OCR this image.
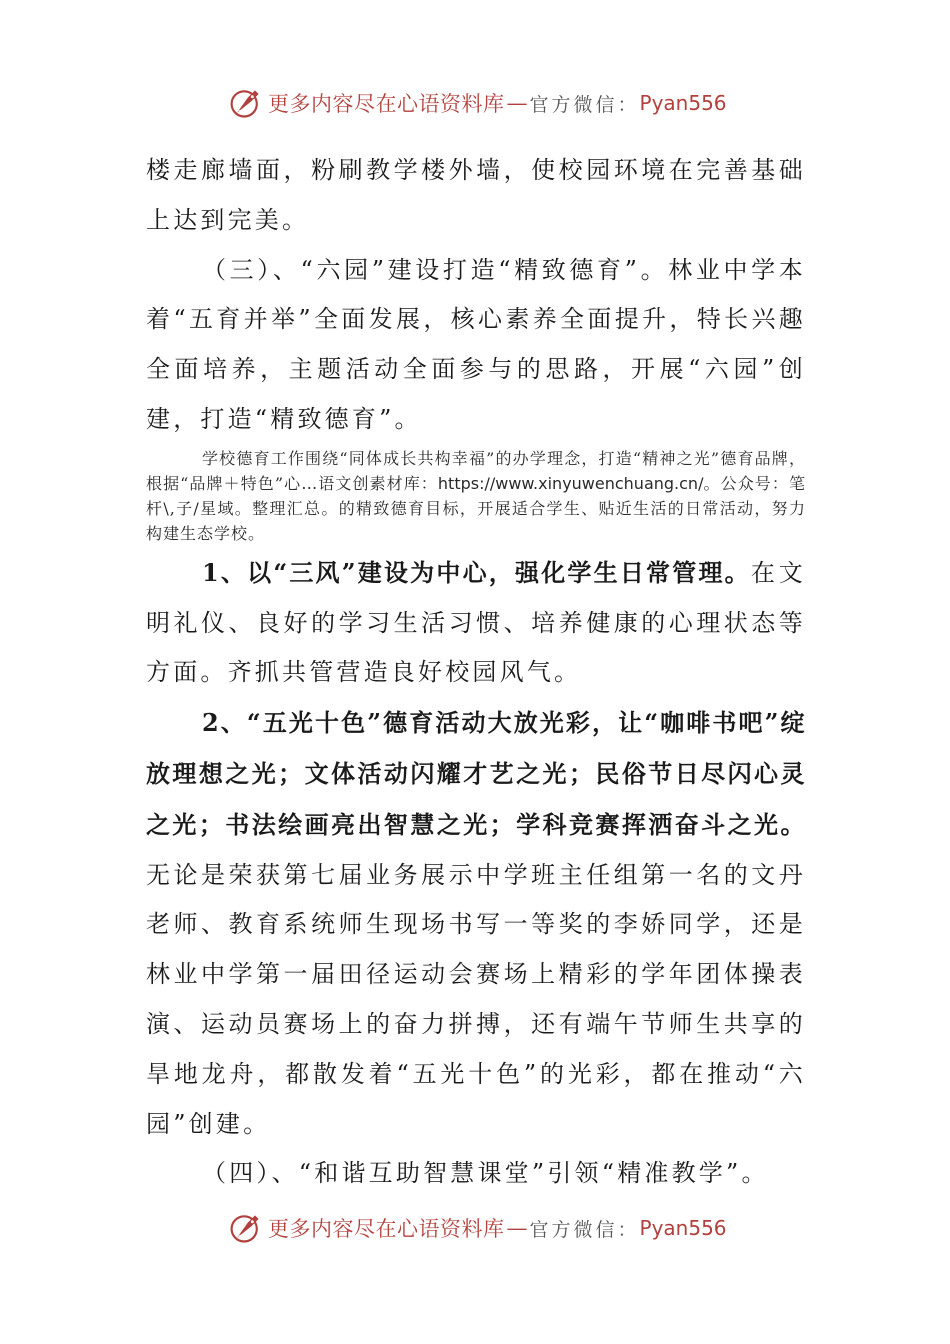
更多内容尽在心语资料库 — 官方微信： Pyan556

楼走廊墙面，粉刷教学楼外墙，使校园环境在完善基础上达到完美。

（三）、“六园”建设打造“精致德育”。林业中学本着“五育并举”全面发展，核心素养全面提升，特长兴趣全面培养，主题活动全面参与的思路，开展“六园”创建，打造“精致德育”。

学校德育工作围绕“同体成长共构幸福”的办学理念，打造“精神之光”德育品牌，根据“品牌＋特色”心…语文创素材库：https://www.xinyuwenchuang.cn/。公众号：笔杆\,子/星域。整理汇总。的精致德育目标，开展适合学生、贴近生活的日常活动，努力构建生态学校。

1、以“三风”建设为中心，强化学生日常管理。在文明礼仪、良好的学习生活习惯、培养健康的心理状态等方面。齐抓共管营造良好校园风气。

2、“五光十色”德育活动大放光彩，让“咖啡书吧”绽放理想之光；文体活动闪耀才艺之光；民俗节日尽闪心灵之光；书法绘画亮出智慧之光；学科竞赛挥洒奋斗之光。无论是荣获第七届业务展示中学班主任组第一名的文丹老师、教育系统师生现场书写一等奖的李娇同学，还是林业中学第一届田径运动会赛场上精彩的学年团体操表演、运动员赛场上的奋力拼搏，还有端午节师生共享的旱地龙舟，都散发着“五光十色”的光彩，都在推动“六园”创建。

（四）、“和谐互助智慧课堂”引领“精准教学”。

更多内容尽在心语资料库 — 官方微信： Pyan556
